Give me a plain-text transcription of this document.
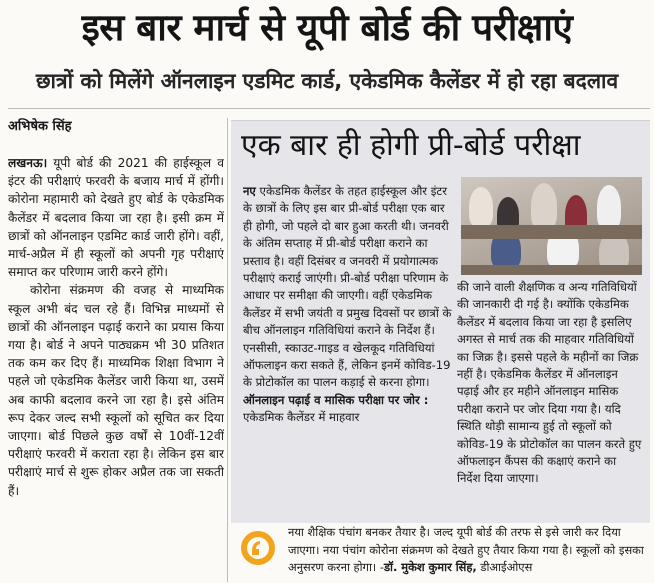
इस बार मार्च से यूपी बोर्ड की परीक्षाएं
छात्रों को मिलेंगे ऑनलाइन एडमिट कार्ड, एकेडमिक कैलेंडर में हो रहा बदलाव
अभिषेक सिंह

लखनऊ। यूपी बोर्ड की 2021 की हाईस्कूल व इंटर की परीक्षाएं फरवरी के बजाय मार्च में होंगी। कोरोना महामारी को देखते हुए बोर्ड के एकेडमिक कैलेंडर में बदलाव किया जा रहा है। इसी क्रम में छात्रों को ऑनलाइन एडमिट कार्ड जारी होंगे। वहीं, मार्च-अप्रैल में ही स्कूलों को अपनी गृह परीक्षाएं समाप्त कर परिणाम जारी करने होंगे।

कोरोना संक्रमण की वजह से माध्यमिक स्कूल अभी बंद चल रहे हैं। विभिन्न माध्यमों से छात्रों की ऑनलाइन पढ़ाई कराने का प्रयास किया गया है। बोर्ड ने अपने पाठ्यक्रम भी 30 प्रतिशत तक कम कर दिए हैं। माध्यमिक शिक्षा विभाग ने पहले जो एकेडमिक कैलेंडर जारी किया था, उसमें अब काफी बदलाव करने जा रहा है। इसे अंतिम रूप देकर जल्द सभी स्कूलों को सूचित कर दिया जाएगा। बोर्ड पिछले कुछ वर्षों से 10वीं-12वीं परीक्षाएं फरवरी में कराता रहा है। लेकिन इस बार परीक्षाएं मार्च से शुरू होकर अप्रैल तक जा सकती हैं।

एक बार ही होगी प्री-बोर्ड परीक्षा

नए एकेडमिक कैलेंडर के तहत हाईस्कूल और इंटर के छात्रों के लिए इस बार प्री-बोर्ड परीक्षा एक बार ही होगी, जो पहले दो बार हुआ करती थी। जनवरी के अंतिम सप्ताह में प्री-बोर्ड परीक्षा कराने का प्रस्ताव है। वहीं दिसंबर व जनवरी में प्रयोगात्मक परीक्षाएं कराई जाएंगी। प्री-बोर्ड परीक्षा परिणाम के आधार पर समीक्षा की जाएगी। वहीं एकेडमिक कैलेंडर में सभी जयंती व प्रमुख दिवसों पर छात्रों के बीच ऑनलाइन गतिविधियां कराने के निर्देश हैं। एनसीसी, स्काउट-गाइड व खेलकूद गतिविधियां ऑफलाइन करा सकते हैं, लेकिन इनमें कोविड-19 के प्रोटोकॉल का पालन कड़ाई से करना होगा।

ऑनलाइन पढ़ाई व मासिक परीक्षा पर जोर : एकेडमिक कैलेंडर में माहवार

की जाने वाली शैक्षणिक व अन्य गतिविधियों की जानकारी दी गई है। क्योंकि एकेडमिक कैलेंडर में बदलाव किया जा रहा है इसलिए अगस्त से मार्च तक की माहवार गतिविधियों का जिक्र है। इससे पहले के महीनों का जिक्र नहीं है। एकेडमिक कैलेंडर में ऑनलाइन पढ़ाई और हर महीने ऑनलाइन मासिक परीक्षा कराने पर जोर दिया गया है। यदि स्थिति थोड़ी सामान्य हुई तो स्कूलों को कोविड-19 के प्रोटोकॉल का पालन करते हुए ऑफलाइन कैंपस की कक्षाएं कराने का निर्देश दिया जाएगा।
नया शैक्षिक पंचांग बनकर तैयार है। जल्द यूपी बोर्ड की तरफ से इसे जारी कर दिया जाएगा। नया पंचांग कोरोना संक्रमण को देखते हुए तैयार किया गया है। स्कूलों को इसका अनुसरण करना होगा। -डॉ. मुकेश कुमार सिंह, डीआईओएस
